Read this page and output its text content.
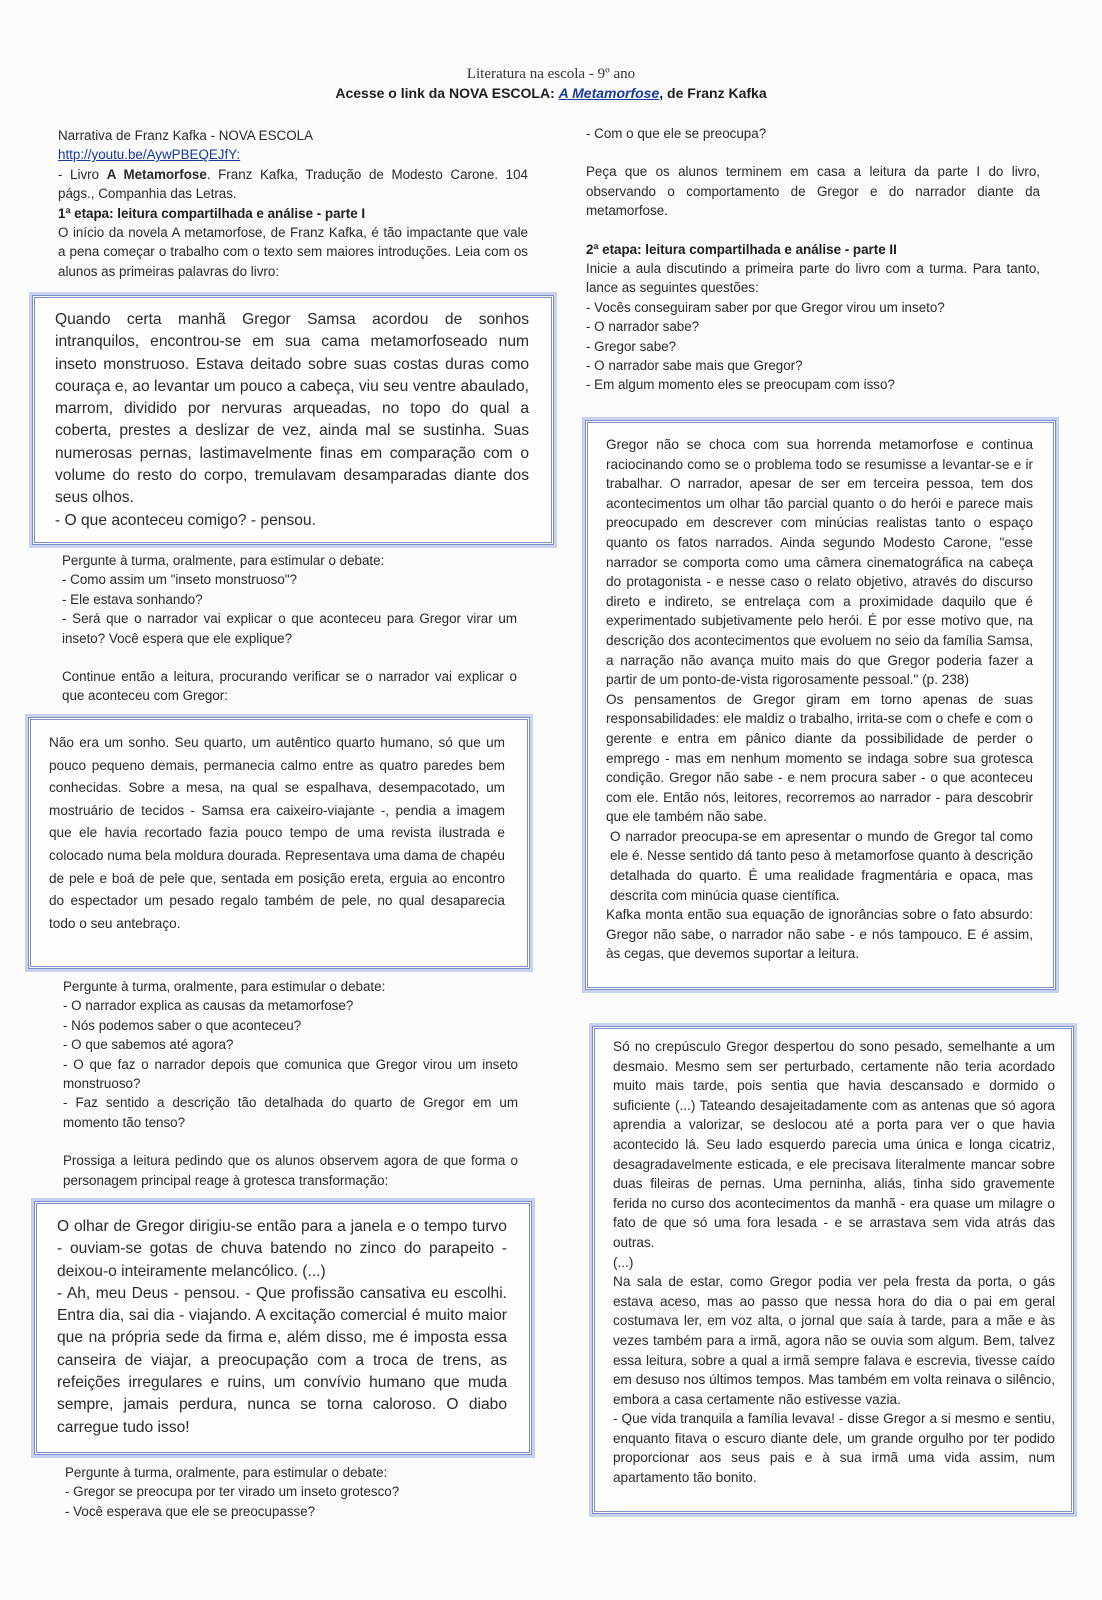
Literatura na escola - 9º ano
Acesse o link da NOVA ESCOLA: A Metamorfose, de Franz Kafka

Narrativa de Franz Kafka - NOVA ESCOLA

http://youtu.be/AywPBEQEJfY:

- Livro A Metamorfose. Franz Kafka, Tradução de Modesto Carone. 104 págs., Companhia das Letras.

1ª etapa: leitura compartilhada e análise - parte I

O início da novela A metamorfose, de Franz Kafka, é tão impactante que vale a pena começar o trabalho com o texto sem maiores introduções. Leia com os alunos as primeiras palavras do livro:

Quando certa manhã Gregor Samsa acordou de sonhos intranquilos, encontrou-se em sua cama metamorfoseado num inseto monstruoso. Estava deitado sobre suas costas duras como couraça e, ao levantar um pouco a cabeça, viu seu ventre abaulado, marrom, dividido por nervuras arqueadas, no topo do qual a coberta, prestes a deslizar de vez, ainda mal se sustinha. Suas numerosas pernas, lastimavelmente finas em comparação com o volume do resto do corpo, tremulavam desamparadas diante dos seus olhos.

- O que aconteceu comigo? - pensou.

Pergunte à turma, oralmente, para estimular o debate:

- Como assim um "inseto monstruoso"?

- Ele estava sonhando?

- Será que o narrador vai explicar o que aconteceu para Gregor virar um inseto? Você espera que ele explique?

Continue então a leitura, procurando verificar se o narrador vai explicar o que aconteceu com Gregor:

Não era um sonho. Seu quarto, um autêntico quarto humano, só que um pouco pequeno demais, permanecia calmo entre as quatro paredes bem conhecidas. Sobre a mesa, na qual se espalhava, desempacotado, um mostruário de tecidos - Samsa era caixeiro-viajante -, pendia a imagem que ele havia recortado fazia pouco tempo de uma revista ilustrada e colocado numa bela moldura dourada. Representava uma dama de chapéu de pele e boá de pele que, sentada em posição ereta, erguia ao encontro do espectador um pesado regalo também de pele, no qual desaparecia todo o seu antebraço.

Pergunte à turma, oralmente, para estimular o debate:

- O narrador explica as causas da metamorfose?

- Nós podemos saber o que aconteceu?

- O que sabemos até agora?

- O que faz o narrador depois que comunica que Gregor virou um inseto monstruoso?

- Faz sentido a descrição tão detalhada do quarto de Gregor em um momento tão tenso?

Prossiga a leitura pedindo que os alunos observem agora de que forma o personagem principal reage à grotesca transformação:

O olhar de Gregor dirigiu-se então para a janela e o tempo turvo - ouviam-se gotas de chuva batendo no zinco do parapeito - deixou-o inteiramente melancólico. (...)

- Ah, meu Deus - pensou. - Que profissão cansativa eu escolhi. Entra dia, sai dia - viajando. A excitação comercial é muito maior que na própria sede da firma e, além disso, me é imposta essa canseira de viajar, a preocupação com a troca de trens, as refeições irregulares e ruins, um convívio humano que muda sempre, jamais perdura, nunca se torna caloroso. O diabo carregue tudo isso!

Pergunte à turma, oralmente, para estimular o debate:

- Gregor se preocupa por ter virado um inseto grotesco?

- Você esperava que ele se preocupasse?

- Com o que ele se preocupa?

Peça que os alunos terminem em casa a leitura da parte I do livro, observando o comportamento de Gregor e do narrador diante da metamorfose.

2ª etapa: leitura compartilhada e análise - parte II

Inicie a aula discutindo a primeira parte do livro com a turma. Para tanto, lance as seguintes questões:

- Vocês conseguiram saber por que Gregor virou um inseto?

- O narrador sabe?

- Gregor sabe?

- O narrador sabe mais que Gregor?

- Em algum momento eles se preocupam com isso?

Gregor não se choca com sua horrenda metamorfose e continua raciocinando como se o problema todo se resumisse a levantar-se e ir trabalhar. O narrador, apesar de ser em terceira pessoa, tem dos acontecimentos um olhar tão parcial quanto o do herói e parece mais preocupado em descrever com minúcias realistas tanto o espaço quanto os fatos narrados. Ainda segundo Modesto Carone, "esse narrador se comporta como uma câmera cinematográfica na cabeça do protagonista - e nesse caso o relato objetivo, através do discurso direto e indireto, se entrelaça com a proximidade daquilo que é experimentado subjetivamente pelo herói. É por esse motivo que, na descrição dos acontecimentos que evoluem no seio da família Samsa, a narração não avança muito mais do que Gregor poderia fazer a partir de um ponto-de-vista rigorosamente pessoal." (p. 238)

Os pensamentos de Gregor giram em torno apenas de suas responsabilidades: ele maldiz o trabalho, irrita-se com o chefe e com o gerente e entra em pânico diante da possibilidade de perder o emprego - mas em nenhum momento se indaga sobre sua grotesca condição. Gregor não sabe - e nem procura saber - o que aconteceu com ele. Então nós, leitores, recorremos ao narrador - para descobrir que ele também não sabe.

O narrador preocupa-se em apresentar o mundo de Gregor tal como ele é. Nesse sentido dá tanto peso à metamorfose quanto à descrição detalhada do quarto. É uma realidade fragmentária e opaca, mas descrita com minúcia quase científica.

Kafka monta então sua equação de ignorâncias sobre o fato absurdo: Gregor não sabe, o narrador não sabe - e nós tampouco. E é assim, às cegas, que devemos suportar a leitura.

Só no crepúsculo Gregor despertou do sono pesado, semelhante a um desmaio. Mesmo sem ser perturbado, certamente não teria acordado muito mais tarde, pois sentia que havia descansado e dormido o suficiente (...) Tateando desajeitadamente com as antenas que só agora aprendia a valorizar, se deslocou até a porta para ver o que havia acontecido lá. Seu lado esquerdo parecia uma única e longa cicatriz, desagradavelmente esticada, e ele precisava literalmente mancar sobre duas fileiras de pernas. Uma perninha, aliás, tinha sido gravemente ferida no curso dos acontecimentos da manhã - era quase um milagre o fato de que só uma fora lesada - e se arrastava sem vida atrás das outras.

(...)

Na sala de estar, como Gregor podia ver pela fresta da porta, o gás estava aceso, mas ao passo que nessa hora do dia o pai em geral costumava ler, em voz alta, o jornal que saía à tarde, para a mãe e às vezes também para a irmã, agora não se ouvia som algum. Bem, talvez essa leitura, sobre a qual a irmã sempre falava e escrevia, tivesse caído em desuso nos últimos tempos. Mas também em volta reinava o silêncio, embora a casa certamente não estivesse vazia.

- Que vida tranquila a família levava! - disse Gregor a si mesmo e sentiu, enquanto fitava o escuro diante dele, um grande orgulho por ter podido proporcionar aos seus pais e à sua irmã uma vida assim, num apartamento tão bonito.
